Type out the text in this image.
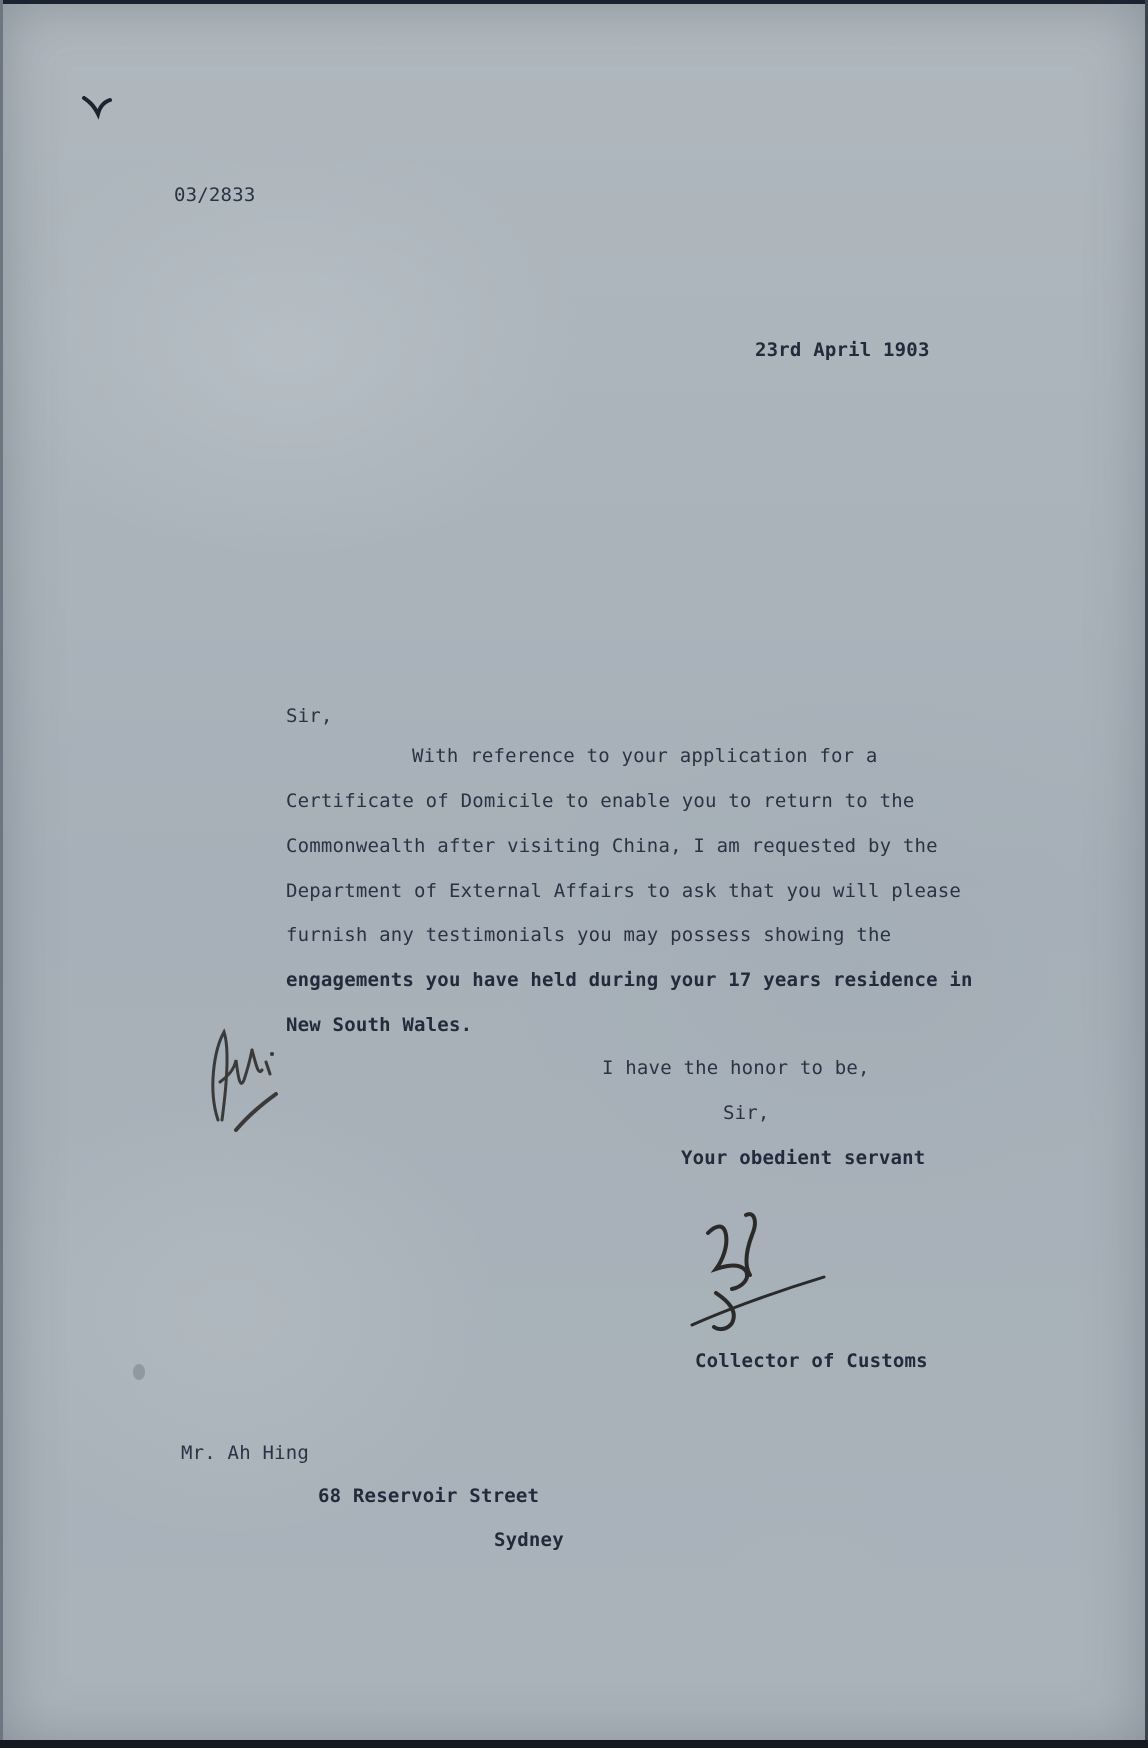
03/2833
23rd April 1903
Sir,
With reference to your application for a
Certificate of Domicile to enable you to return to the
Commonwealth after visiting China, I am requested by the
Department of External Affairs to ask that you will please
furnish any testimonials you may possess showing the
engagements you have held during your 17 years residence in
New South Wales.
I have the honor to be,
Sir,
Your obedient servant
Collector of Customs
Mr. Ah Hing
68 Reservoir Street
Sydney
